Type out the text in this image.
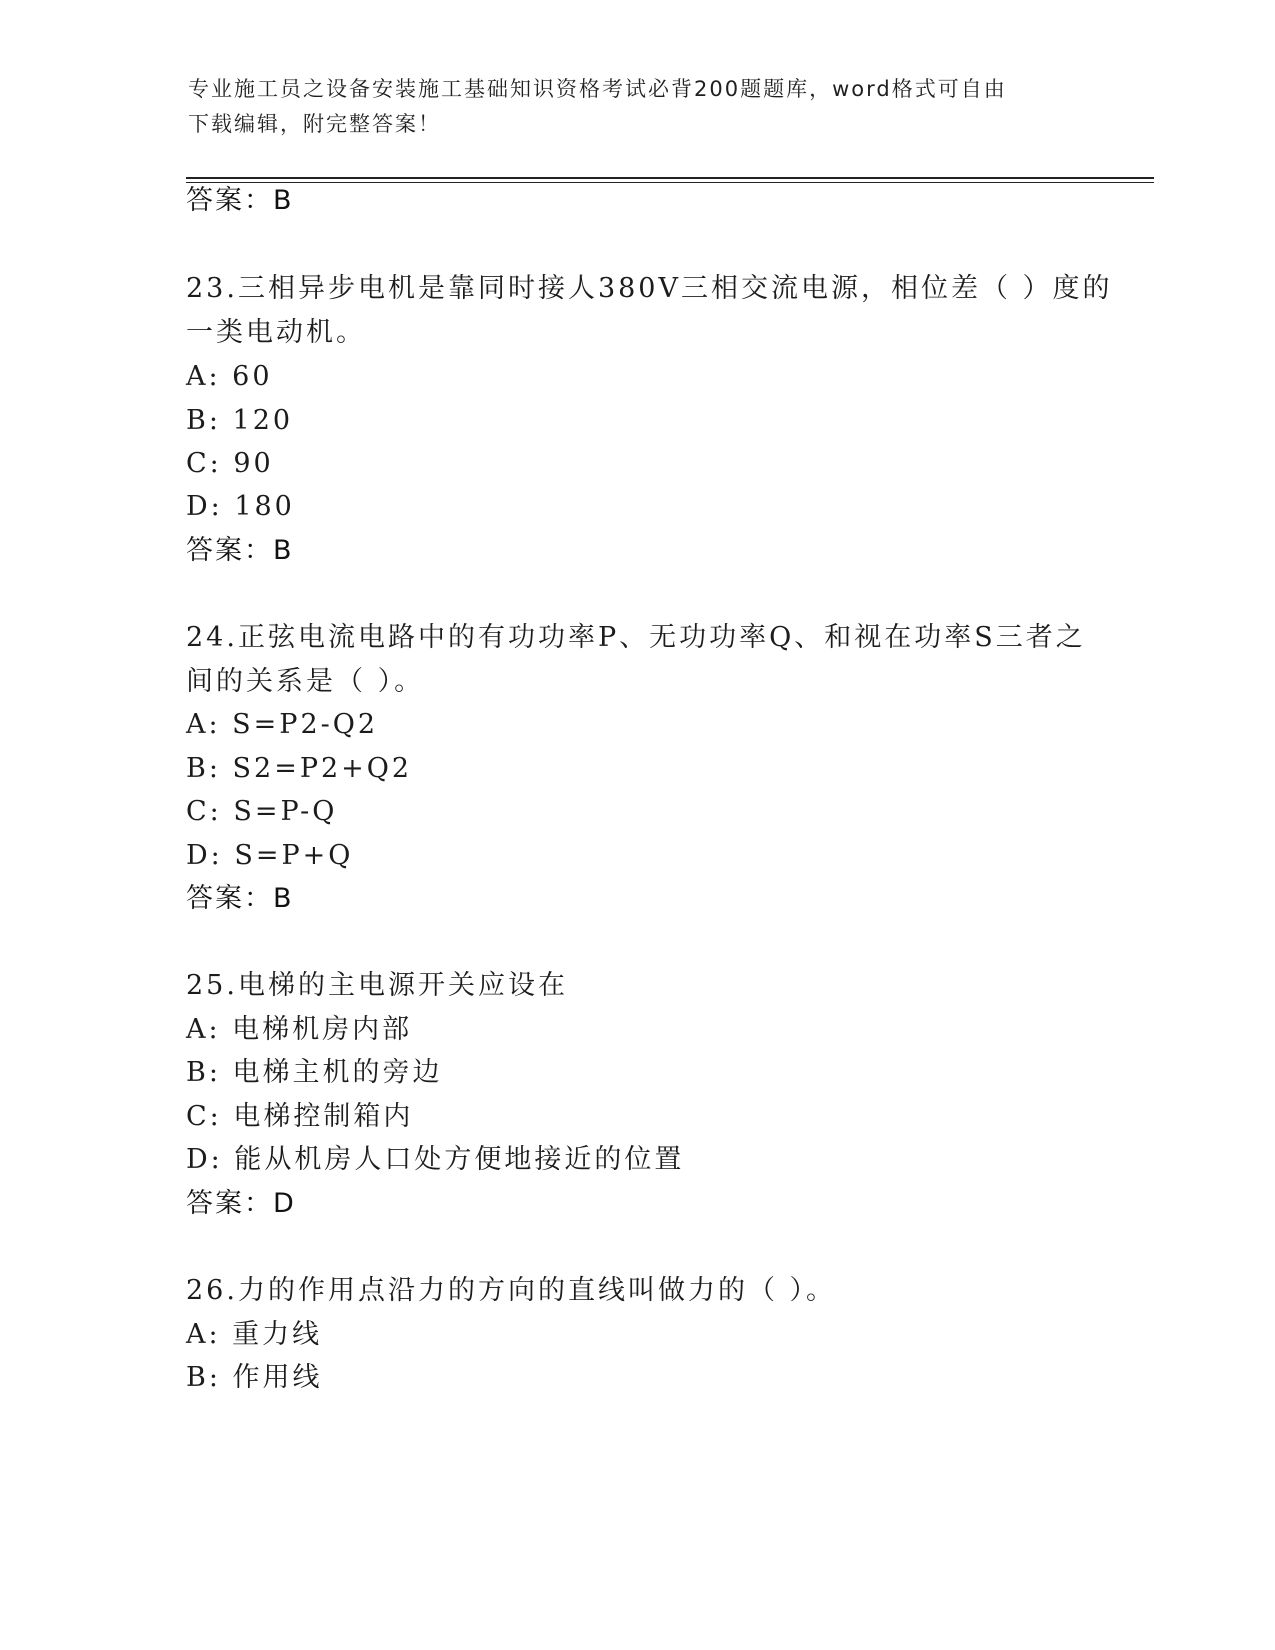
专业施工员之设备安装施工基础知识资格考试必背200题题库，word格式可自由
下载编辑，附完整答案！
答案：B
23.三相异步电机是靠同时接人380V三相交流电源，相位差（ ）度的
一类电动机。
A: 60
B: 120
C: 90
D: 180
答案：B
24.正弦电流电路中的有功功率P、无功功率Q、和视在功率S三者之
间的关系是（ ）。
A: S=P2-Q2
B: S2=P2+Q2
C: S=P-Q
D: S=P+Q
答案：B
25.电梯的主电源开关应设在
A: 电梯机房内部
B: 电梯主机的旁边
C: 电梯控制箱内
D: 能从机房人口处方便地接近的位置
答案：D
26.力的作用点沿力的方向的直线叫做力的（ ）。
A: 重力线
B: 作用线
